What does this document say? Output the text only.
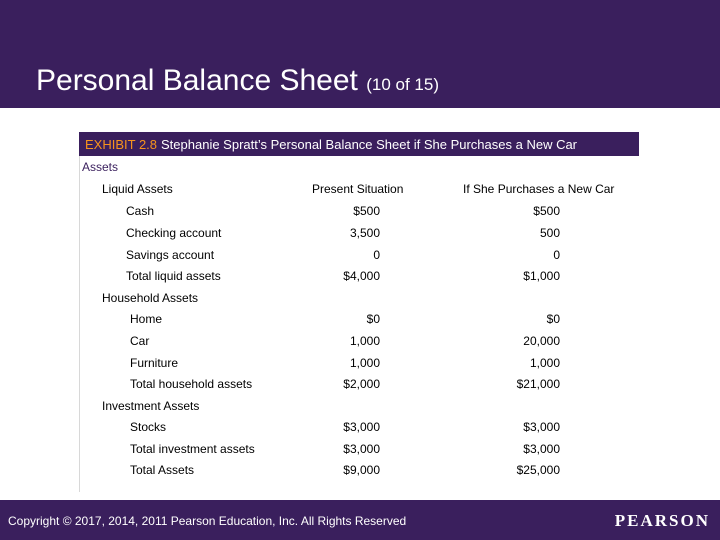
Personal Balance Sheet (10 of 15)
EXHIBIT 2.8 Stephanie Spratt’s Personal Balance Sheet if She Purchases a New Car
Assets
Liquid Assets	Present Situation	If She Purchases a New Car
Cash	$500	$500
Checking account	3,500	500
Savings account	0	0
Total liquid assets	$4,000	$1,000
Household Assets
Home	$0	$0
Car	1,000	20,000
Furniture	1,000	1,000
Total household assets	$2,000	$21,000
Investment Assets
Stocks	$3,000	$3,000
Total investment assets	$3,000	$3,000
Total Assets	$9,000	$25,000
Copyright © 2017, 2014, 2011 Pearson Education, Inc. All Rights Reserved	PEARSON
